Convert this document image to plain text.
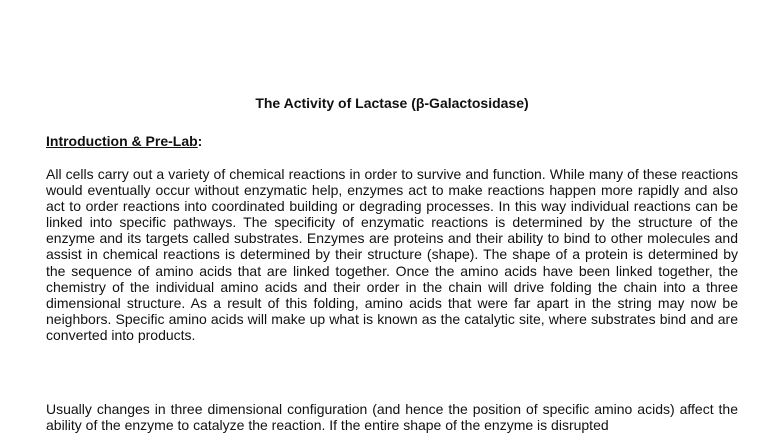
The Activity of Lactase (β-Galactosidase)
Introduction & Pre-Lab:

All cells carry out a variety of chemical reactions in order to survive and function. While many of these reactions would eventually occur without enzymatic help, enzymes act to make reactions happen more rapidly and also act to order reactions into coordinated building or degrading processes. In this way individual reactions can be linked into specific pathways. The specificity of enzymatic reactions is determined by the structure of the enzyme and its targets called substrates. Enzymes are proteins and their ability to bind to other molecules and assist in chemical reactions is determined by their structure (shape). The shape of a protein is determined by the sequence of amino acids that are linked together. Once the amino acids have been linked together, the chemistry of the individual amino acids and their order in the chain will drive folding the chain into a three dimensional structure. As a result of this folding, amino acids that were far apart in the string may now be neighbors. Specific amino acids will make up what is known as the catalytic site, where substrates bind and are converted into products.

Usually changes in three dimensional configuration (and hence the position of specific amino acids) affect the ability of the enzyme to catalyze the reaction. If the entire shape of the enzyme is disrupted
